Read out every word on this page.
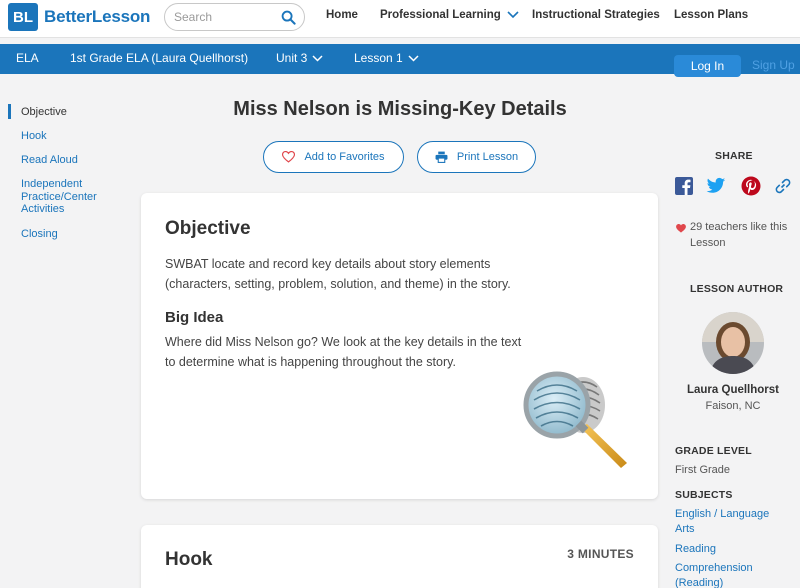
BL BetterLesson
Search	Home Professional Learning	Instructional Strategies Lesson Plans
ELA	1st Grade ELA (Laura Quellhorst) Unit 3	Lesson 1
Log In	Sign Up
Objective
Hook
Read Aloud
Independent Practice/Center Activities
Closing
Miss Nelson is Missing-Key Details
Add to Favorites	Print Lesson
Objective

SWBAT locate and record key details about story elements (characters, setting, problem, solution, and theme) in the story.

Big Idea

Where did Miss Nelson go? We look at the key details in the text to determine what is happening throughout the story.

Hook	3 MINUTES
SHARE
29 teachers like this Lesson
LESSON AUTHOR
Laura Quellhorst
Faison, NC
GRADE LEVEL
First Grade
SUBJECTS
English / Language Arts
Reading
Comprehension (Reading)
